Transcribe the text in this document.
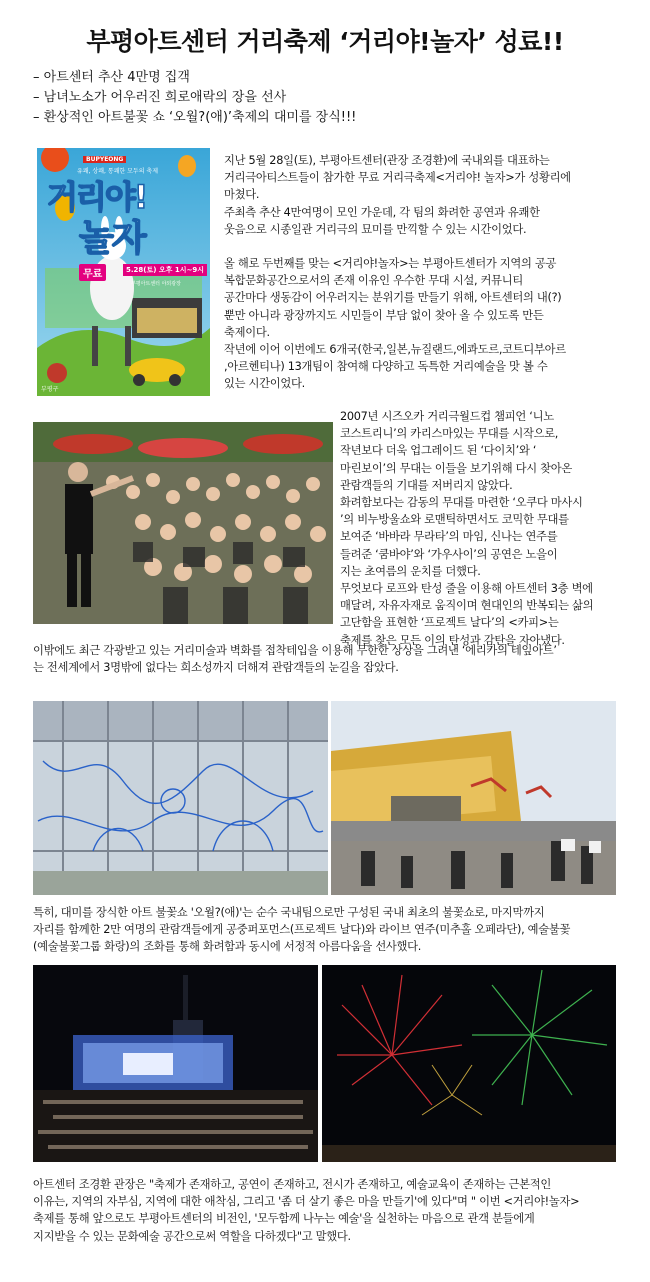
부평아트센터 거리축제 ‘거리야!놀자’ 성료!!
– 아트센터 추산 4만명 집객
– 남녀노소가 어우러진 희로애락의 장을 선사
– 환상적인 아트불꽃 쇼 ‘오월?(애)’축제의 대미를 장식!!!
유쾌, 상쾌, 통쾌한 모두의 축제
BUPYEONG
거리야!
놀자
무료	5.28(토) 오후 1시~9시
부평아트센터 야외광장
부평구

지난 5월 28일(토), 부평아트센터(관장 조경환)에 국내외를 대표하는

거리극아티스트들이 참가한 무료 거리극축제<거리야! 놀자>가 성황리에

마쳤다.

주최측 추산 4만여명이 모인 가운데, 각 팀의 화려한 공연과 유쾌한

웃음으로 시종일관 거리극의 묘미를 만끽할 수 있는 시간이었다.

올 해로 두번째를 맞는 <거리야!놀자>는 부평아트센터가 지역의 공공

복합문화공간으로서의 존재 이유인 우수한 무대 시설, 커뮤니티

공간마다 생동감이 어우러지는 분위기를 만들기 위해, 아트센터의 내(?)

뿐만 아니라 광장까지도 시민들이 부담 없이 찾아 올 수 있도록 만든

축제이다.

작년에 이어 이번에도 6개국(한국,일본,뉴질랜드,에콰도르,코트디부아르

,아르헨티나) 13개팀이 참여해 다양하고 독특한 거리예술을 맛 볼 수

있는 시간이었다.

2007년 시즈오카 거리극월드컵 챔피언 ‘니노

코스트리니’의 카리스마있는 무대를 시작으로,

작년보다 더욱 업그레이드 된 ‘다이치’와 ‘

마린보이’의 무대는 이들을 보기위해 다시 찾아온

관람객들의 기대를 저버리지 않았다.

화려함보다는 감동의 무대를 마련한 ‘오쿠다 마사시

’의 비누방울쇼와 로맨틱하면서도 코믹한 무대를

보여준 ‘바바라 무라타’의 마임, 신나는 연주를

들려준 ‘쿰바야’와 ‘가우사이’의 공연은 노을이

지는 초여름의 운치를 더했다.

무엇보다 로프와 탄성 줄을 이용해 아트센터 3층 벽에

매달려, 자유자재로 움직이며 현대인의 반복되는 삶의

고단함을 표현한 ‘프로젝트 날다’의 <카피>는

축제를 찾은 모든 이의 탄성과 감탄을 자아냈다.

이밖에도 최근 각광받고 있는 거리미술과 벽화를 접착테입을 이용해 무한한 상상을 그려낸 ‘에리카의 테잎아트’

는 전세계에서 3명밖에 없다는 희소성까지 더해져 관람객들의 눈길을 잡았다.

특히, 대미를 장식한 아트 불꽃쇼 '오월?(애)'는 순수 국내팀으로만 구성된 국내 최초의 불꽃쇼로, 마지막까지

자리를 함께한 2만 여명의 관람객들에게 공중퍼포먼스(프로젝트 날다)와 라이브 연주(미추홀 오페라단), 예술불꽃

(예술불꽃그룹 화랑)의 조화를 통해 화려함과 동시에 서정적 아름다움을 선사했다.

아트센터 조경환 관장은 "축제가 존재하고, 공연이 존재하고, 전시가 존재하고, 예술교육이 존재하는 근본적인

이유는, 지역의 자부심, 지역에 대한 애착심, 그리고 '좀 더 살기 좋은 마을 만들기'에 있다"며 " 이번 <거리야!놀자>

축제를 통해 앞으로도 부평아트센터의 비전인, '모두함께 나누는 예술'을 실천하는 마음으로 관객 분들에게

지지받을 수 있는 문화예술 공간으로써 역할을 다하겠다"고 말했다.
